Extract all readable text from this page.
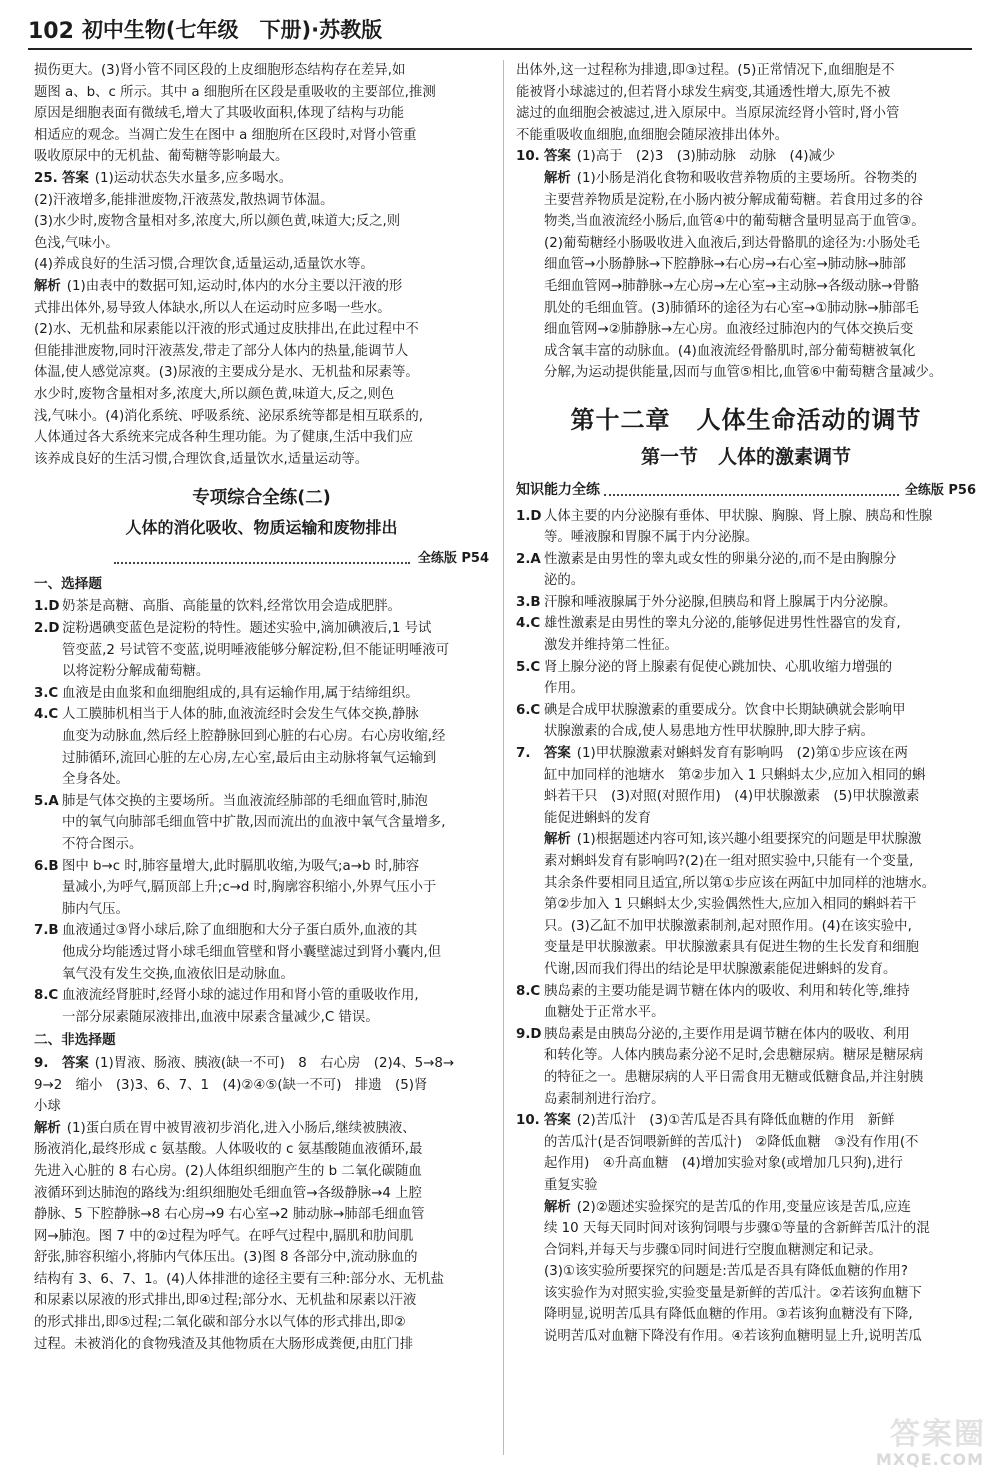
102 初中生物(七年级　下册)·苏教版
损伤更大。(3)肾小管不同区段的上皮细胞形态结构存在差异,如
题图 a、b、c 所示。其中 a 细胞所在区段是重吸收的主要部位,推测
原因是细胞表面有微绒毛,增大了其吸收面积,体现了结构与功能
相适应的观念。当凋亡发生在图中 a 细胞所在区段时,对肾小管重
吸收原尿中的无机盐、葡萄糖等影响最大。
25. 答案 (1)运动状态失水量多,应多喝水。
(2)汗液增多,能排泄废物,汗液蒸发,散热调节体温。
(3)水少时,废物含量相对多,浓度大,所以颜色黄,味道大;反之,则
色浅,气味小。
(4)养成良好的生活习惯,合理饮食,适量运动,适量饮水等。
解析 (1)由表中的数据可知,运动时,体内的水分主要以汗液的形
式排出体外,易导致人体缺水,所以人在运动时应多喝一些水。
(2)水、无机盐和尿素能以汗液的形式通过皮肤排出,在此过程中不
但能排泄废物,同时汗液蒸发,带走了部分人体内的热量,能调节人
体温,使人感觉凉爽。(3)尿液的主要成分是水、无机盐和尿素等。
水少时,废物含量相对多,浓度大,所以颜色黄,味道大,反之,则色
浅,气味小。(4)消化系统、呼吸系统、泌尿系统等都是相互联系的,
人体通过各大系统来完成各种生理功能。为了健康,生活中我们应
该养成良好的生活习惯,合理饮食,适量饮水,适量运动等。
专项综合全练(二)
人体的消化吸收、物质运输和废物排出
全练版 P54
一、选择题
1.D 奶茶是高糖、高脂、高能量的饮料,经常饮用会造成肥胖。
2.D 淀粉遇碘变蓝色是淀粉的特性。题述实验中,滴加碘液后,1 号试
管变蓝,2 号试管不变蓝,说明唾液能够分解淀粉,但不能证明唾液可
以将淀粉分解成葡萄糖。
3.C 血液是由血浆和血细胞组成的,具有运输作用,属于结缔组织。
4.C 人工膜肺机相当于人体的肺,血液流经时会发生气体交换,静脉
血变为动脉血,然后经上腔静脉回到心脏的右心房。右心房收缩,经
过肺循环,流回心脏的左心房,左心室,最后由主动脉将氧气运输到
全身各处。
5.A 肺是气体交换的主要场所。当血液流经肺部的毛细血管时,肺泡
中的氧气向肺部毛细血管中扩散,因而流出的血液中氧气含量增多,
不符合图示。
6.B 图中 b→c 时,肺容量增大,此时膈肌收缩,为吸气;a→b 时,肺容
量减小,为呼气,膈顶部上升;c→d 时,胸廓容积缩小,外界气压小于
肺内气压。
7.B 血液通过③肾小球后,除了血细胞和大分子蛋白质外,血液的其
他成分均能透过肾小球毛细血管壁和肾小囊壁滤过到肾小囊内,但
氧气没有发生交换,血液依旧是动脉血。
8.C 血液流经肾脏时,经肾小球的滤过作用和肾小管的重吸收作用,
一部分尿素随尿液排出,血液中尿素含量减少,C 错误。
二、非选择题
9.	答案 (1)胃液、肠液、胰液(缺一不可)　8　右心房　(2)4、5→8→
9→2　缩小　(3)3、6、7、1　(4)②④⑤(缺一不可)　排遗　(5)肾
小球
解析 (1)蛋白质在胃中被胃液初步消化,进入小肠后,继续被胰液、
肠液消化,最终形成 c 氨基酸。人体吸收的 c 氨基酸随血液循环,最
先进入心脏的 8 右心房。(2)人体组织细胞产生的 b 二氧化碳随血
液循环到达肺泡的路线为:组织细胞处毛细血管→各级静脉→4 上腔
静脉、5 下腔静脉→8 右心房→9 右心室→2 肺动脉→肺部毛细血管
网→肺泡。图 7 中的②过程为呼气。在呼气过程中,膈肌和肋间肌
舒张,肺容积缩小,将肺内气体压出。(3)图 8 各部分中,流动脉血的
结构有 3、6、7、1。(4)人体排泄的途径主要有三种:部分水、无机盐
和尿素以尿液的形式排出,即④过程;部分水、无机盐和尿素以汗液
的形式排出,即⑤过程;二氧化碳和部分水以气体的形式排出,即②
过程。未被消化的食物残渣及其他物质在大肠形成粪便,由肛门排
出体外,这一过程称为排遗,即③过程。(5)正常情况下,血细胞是不
能被肾小球滤过的,但若肾小球发生病变,其通透性增大,原先不被
滤过的血细胞会被滤过,进入原尿中。当原尿流经肾小管时,肾小管
不能重吸收血细胞,血细胞会随尿液排出体外。
10. 答案 (1)高于　(2)3　(3)肺动脉　动脉　(4)减少
解析 (1)小肠是消化食物和吸收营养物质的主要场所。谷物类的
主要营养物质是淀粉,在小肠内被分解成葡萄糖。若食用过多的谷
物类,当血液流经小肠后,血管④中的葡萄糖含量明显高于血管③。
(2)葡萄糖经小肠吸收进入血液后,到达骨骼肌的途径为:小肠处毛
细血管→小肠静脉→下腔静脉→右心房→右心室→肺动脉→肺部
毛细血管网→肺静脉→左心房→左心室→主动脉→各级动脉→骨骼
肌处的毛细血管。(3)肺循环的途径为右心室→①肺动脉→肺部毛
细血管网→②肺静脉→左心房。血液经过肺泡内的气体交换后变
成含氧丰富的动脉血。(4)血液流经骨骼肌时,部分葡萄糖被氧化
分解,为运动提供能量,因而与血管⑤相比,血管⑥中葡萄糖含量减少。
第十二章 人体生命活动的调节
第一节 人体的激素调节
知识能力全练	全练版 P56
1.D 人体主要的内分泌腺有垂体、甲状腺、胸腺、肾上腺、胰岛和性腺
等。唾液腺和胃腺不属于内分泌腺。
2.A 性激素是由男性的睾丸或女性的卵巢分泌的,而不是由胸腺分
泌的。
3.B 汗腺和唾液腺属于外分泌腺,但胰岛和肾上腺属于内分泌腺。
4.C 雄性激素是由男性的睾丸分泌的,能够促进男性性器官的发育,
激发并维持第二性征。
5.C 肾上腺分泌的肾上腺素有促使心跳加快、心肌收缩力增强的
作用。
6.C 碘是合成甲状腺激素的重要成分。饮食中长期缺碘就会影响甲
状腺激素的合成,使人易患地方性甲状腺肿,即大脖子病。
7.	答案 (1)甲状腺激素对蝌蚪发育有影响吗　(2)第①步应该在两
缸中加同样的池塘水　第②步加入 1 只蝌蚪太少,应加入相同的蝌
蚪若干只　(3)对照(对照作用)　(4)甲状腺激素　(5)甲状腺激素
能促进蝌蚪的发育
解析 (1)根据题述内容可知,该兴趣小组要探究的问题是甲状腺激
素对蝌蚪发育有影响吗?(2)在一组对照实验中,只能有一个变量,
其余条件要相同且适宜,所以第①步应该在两缸中加同样的池塘水。
第②步加入 1 只蝌蚪太少,实验偶然性大,应加入相同的蝌蚪若干
只。(3)乙缸不加甲状腺激素制剂,起对照作用。(4)在该实验中,
变量是甲状腺激素。甲状腺激素具有促进生物的生长发育和细胞
代谢,因而我们得出的结论是甲状腺激素能促进蝌蚪的发育。
8.C 胰岛素的主要功能是调节糖在体内的吸收、利用和转化等,维持
血糖处于正常水平。
9.D 胰岛素是由胰岛分泌的,主要作用是调节糖在体内的吸收、利用
和转化等。人体内胰岛素分泌不足时,会患糖尿病。糖尿是糖尿病
的特征之一。患糖尿病的人平日需食用无糖或低糖食品,并注射胰
岛素制剂进行治疗。
10. 答案 (2)苦瓜汁　(3)①苦瓜是否具有降低血糖的作用　新鲜
的苦瓜汁(是否饲喂新鲜的苦瓜汁)　②降低血糖　③没有作用(不
起作用)　④升高血糖　(4)增加实验对象(或增加几只狗),进行
重复实验
解析 (2)②题述实验探究的是苦瓜的作用,变量应该是苦瓜,应连
续 10 天每天同时间对该狗饲喂与步骤①等量的含新鲜苦瓜汁的混
合饲料,并每天与步骤①同时间进行空腹血糖测定和记录。
(3)①该实验所要探究的问题是:苦瓜是否具有降低血糖的作用?
该实验作为对照实验,实验变量是新鲜的苦瓜汁。②若该狗血糖下
降明显,说明苦瓜具有降低血糖的作用。③若该狗血糖没有下降,
说明苦瓜对血糖下降没有作用。④若该狗血糖明显上升,说明苦瓜
答案圈
MXQE.COM
